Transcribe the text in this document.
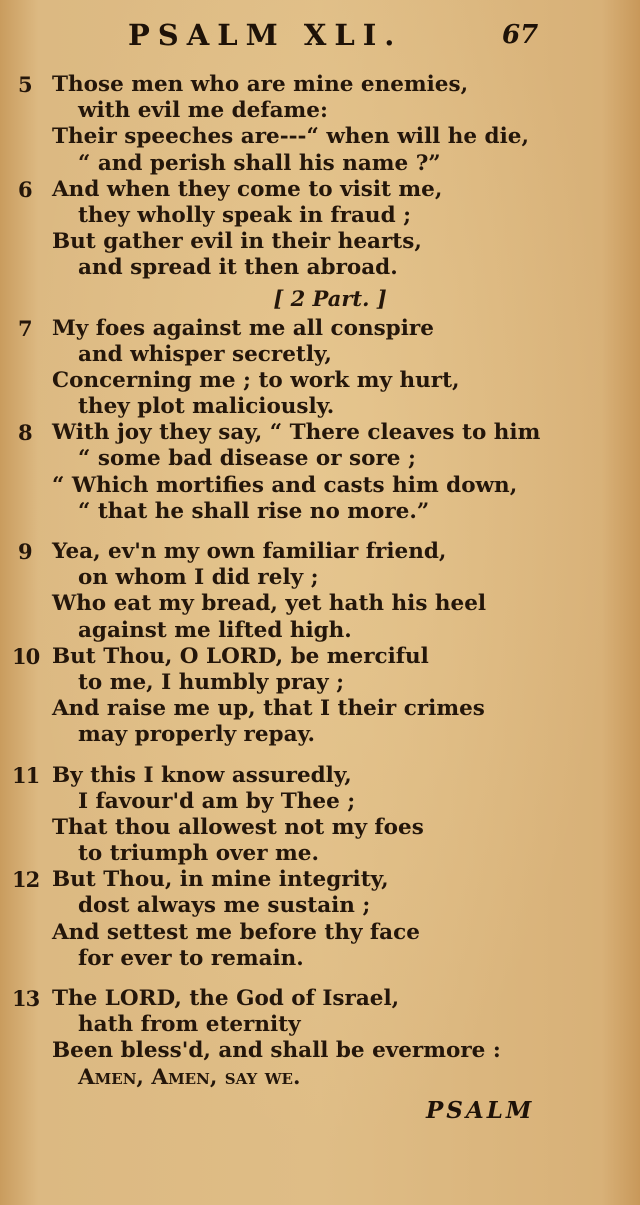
PSALM XLI.	67
5 Those men who are mine enemies,
with evil me defame:
Their speeches are---“ when will he die,
“ and perish shall his name ?”
6 And when they come to visit me,
they wholly speak in fraud ;
But gather evil in their hearts,
and spread it then abroad.
[ 2 Part. ]
7 My foes against me all conspire
and whisper secretly,
Concerning me ; to work my hurt,
they plot maliciously.
8 With joy they say, “ There cleaves to him
“ some bad disease or sore ;
“ Which mortifies and casts him down,
“ that he shall rise no more.”
9 Yea, ev'n my own familiar friend,
on whom I did rely ;
Who eat my bread, yet hath his heel
against me lifted high.
10 But Thou, O LORD, be merciful
to me, I humbly pray ;
And raise me up, that I their crimes
may properly repay.
11 By this I know assuredly,
I favour'd am by Thee ;
That thou allowest not my foes
to triumph over me.
12 But Thou, in mine integrity,
dost always me sustain ;
And settest me before thy face
for ever to remain.
13 The LORD, the God of Israel,
hath from eternity
Been bless'd, and shall be evermore :
Amen, Amen, say we.
PSALM
